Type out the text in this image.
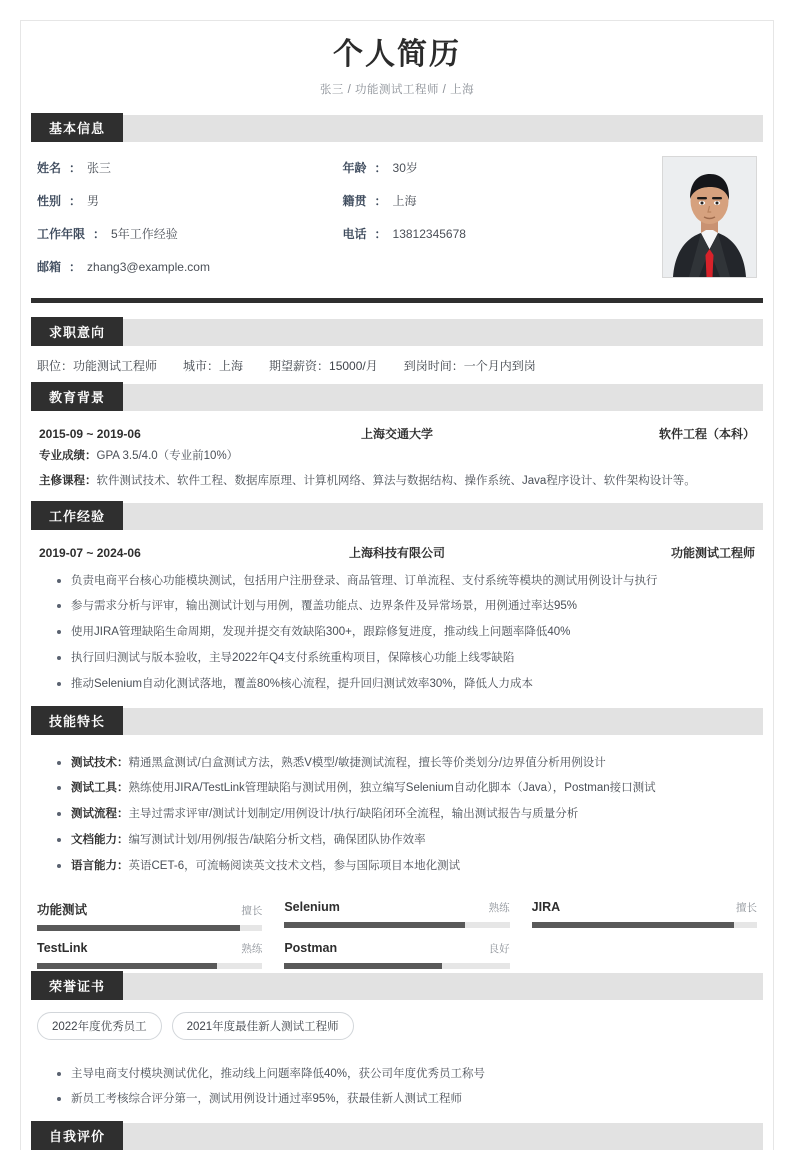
个人简历
张三 / 功能测试工程师 / 上海
基本信息
姓名 ： 张三	年龄 ： 30岁
性别 ： 男	籍贯 ： 上海
工作年限 ： 5年工作经验	电话 ： 13812345678
邮箱 ： zhang3@example.com
求职意向
职位：功能测试工程师 城市：上海 期望薪资：15000/月 到岗时间：一个月内到岗
教育背景
2015-09 ~ 2019-06	上海交通大学	软件工程（本科）
专业成绩：GPA 3.5/4.0（专业前10%）
主修课程：软件测试技术、软件工程、数据库原理、计算机网络、算法与数据结构、操作系统、Java程序设计、软件架构设计等。
工作经验
2019-07 ~ 2024-06	上海科技有限公司	功能测试工程师
负责电商平台核心功能模块测试，包括用户注册登录、商品管理、订单流程、支付系统等模块的测试用例设计与执行
参与需求分析与评审，输出测试计划与用例，覆盖功能点、边界条件及异常场景，用例通过率达95%
使用JIRA管理缺陷生命周期，发现并提交有效缺陷300+，跟踪修复进度，推动线上问题率降低40%
执行回归测试与版本验收，主导2022年Q4支付系统重构项目，保障核心功能上线零缺陷
推动Selenium自动化测试落地，覆盖80%核心流程，提升回归测试效率30%，降低人力成本
技能特长
测试技术：精通黑盒测试/白盒测试方法，熟悉V模型/敏捷测试流程，擅长等价类划分/边界值分析用例设计
测试工具：熟练使用JIRA/TestLink管理缺陷与测试用例，独立编写Selenium自动化脚本（Java），Postman接口测试
测试流程：主导过需求评审/测试计划制定/用例设计/执行/缺陷闭环全流程，输出测试报告与质量分析
文档能力：编写测试计划/用例/报告/缺陷分析文档，确保团队协作效率
语言能力：英语CET-6，可流畅阅读英文技术文档，参与国际项目本地化测试
功能测试	擅长 Selenium	熟练 JIRA	擅长
TestLink	熟练 Postman	良好
荣誉证书
2022年度优秀员工	2021年度最佳新人测试工程师
主导电商支付模块测试优化，推动线上问题率降低40%，获公司年度优秀员工称号
新员工考核综合评分第一，测试用例设计通过率95%，获最佳新人测试工程师
自我评价
